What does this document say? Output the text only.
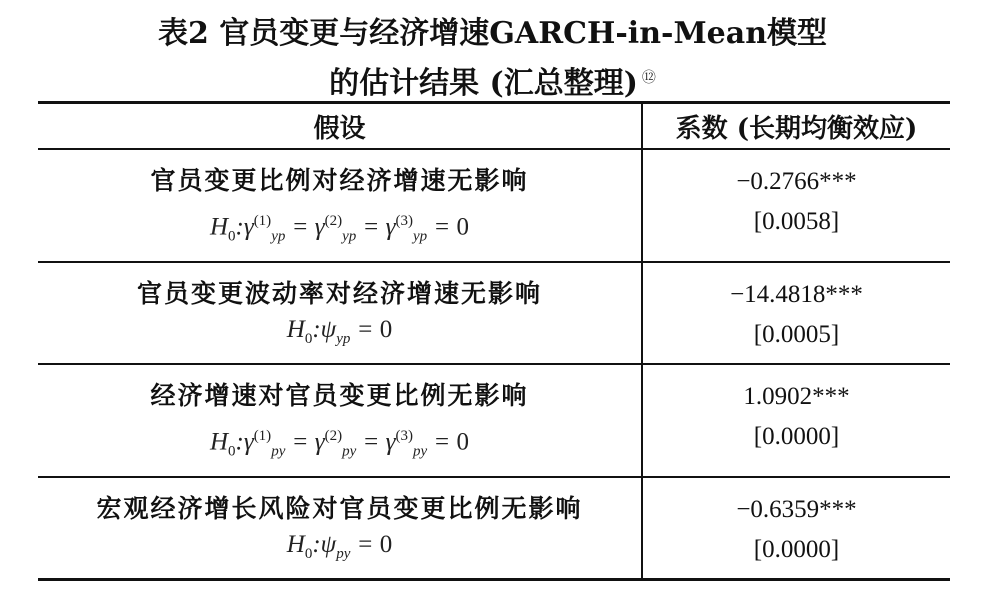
表2 官员变更与经济增速GARCH-in-Mean模型
的估计结果 (汇总整理) ⑫
假设	系数 (长期均衡效应)
官员变更比例对经济增速无影响
$H_0:\gamma^{(1)}_{yp} = \gamma^{(2)}_{yp} = \gamma^{(3)}_{yp} = 0$
−0.2766***
[0.0058]
官员变更波动率对经济增速无影响
$H_0:\psi_{yp} = 0$
−14.4818***
[0.0005]
经济增速对官员变更比例无影响
$H_0:\gamma^{(1)}_{py} = \gamma^{(2)}_{py} = \gamma^{(3)}_{py} = 0$
1.0902***
[0.0000]
宏观经济增长风险对官员变更比例无影响
$H_0:\psi_{py} = 0$
−0.6359***
[0.0000]
